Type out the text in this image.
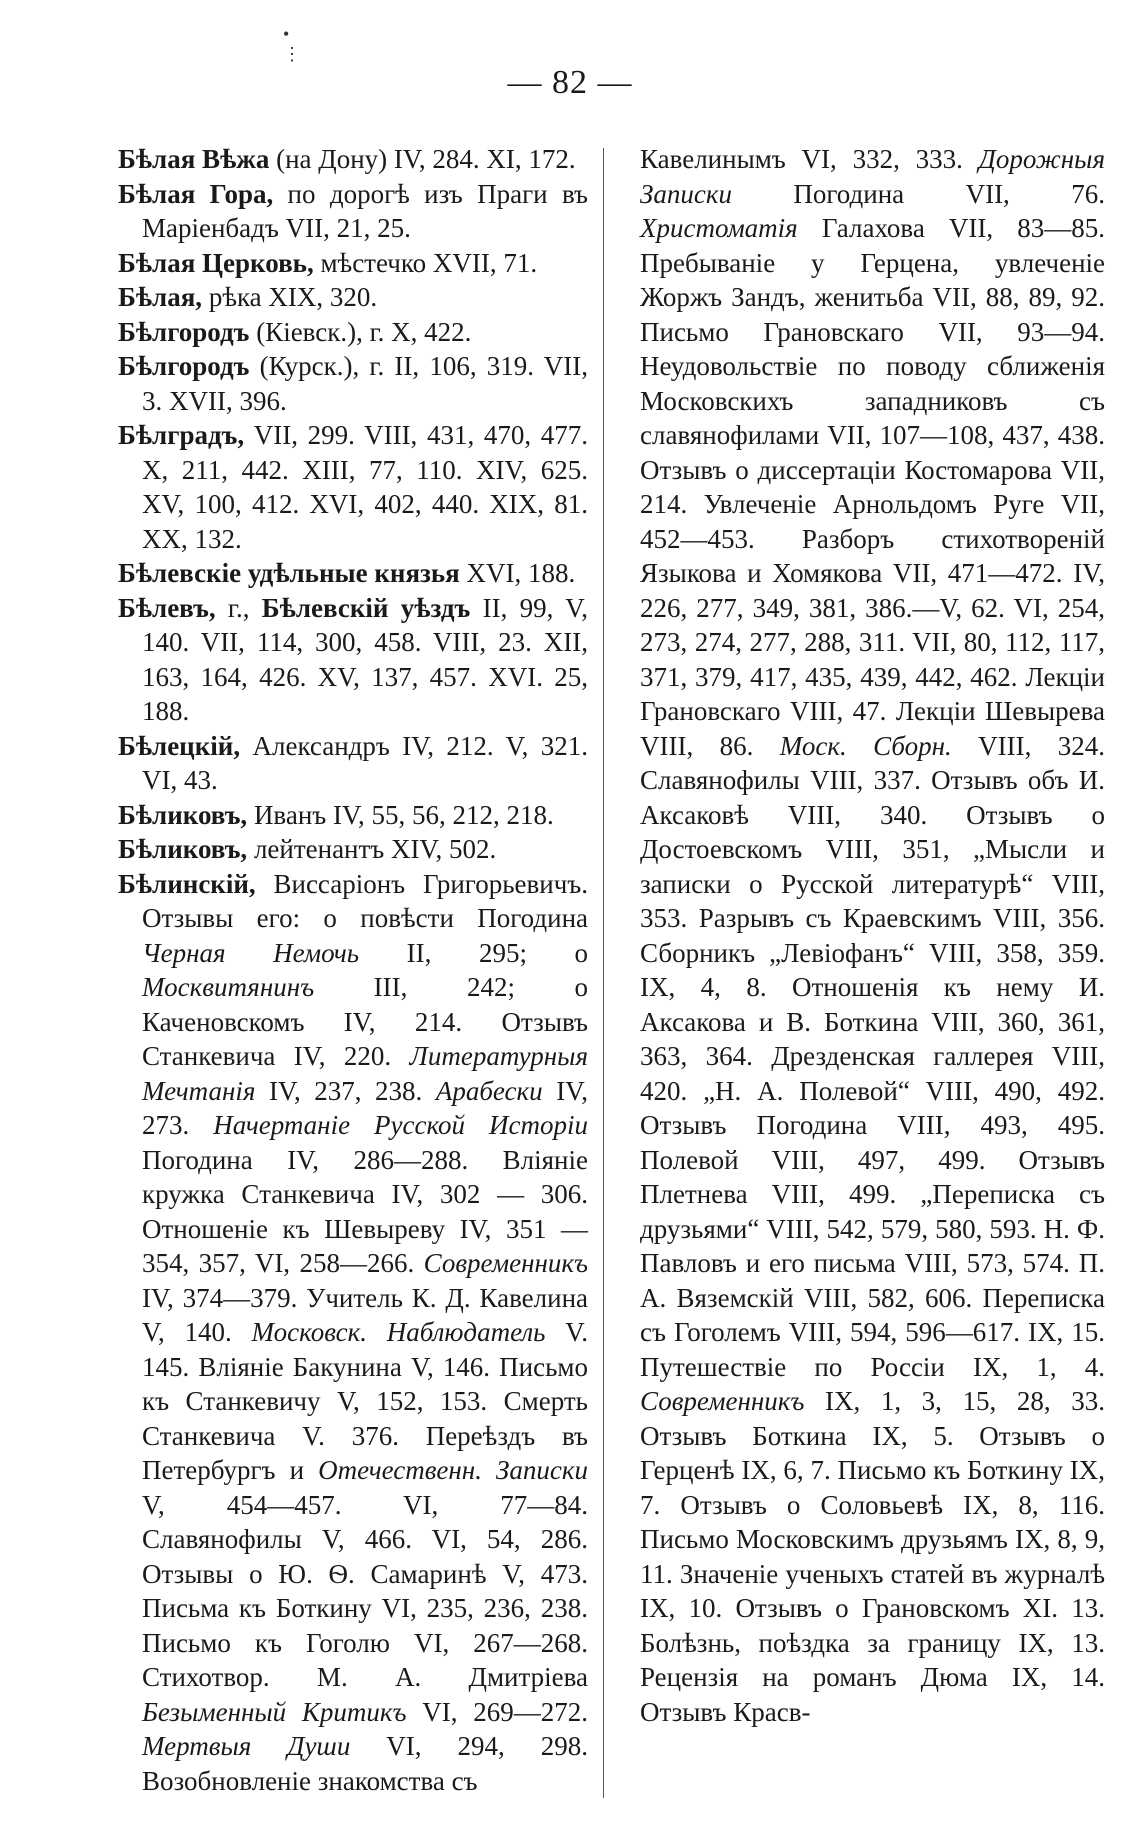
•
⋮
— 82 —

Бѣлая Вѣжа (на Дону) IV, 284. XI, 172.

Бѣлая Гора, по дорогѣ изъ Праги въ Маріенбадъ VII, 21, 25.

Бѣлая Церковь, мѣстечко XVII, 71.

Бѣлая, рѣка XIX, 320.

Бѣлгородъ (Кіевск.), г. X, 422.

Бѣлгородъ (Курск.), г. II, 106, 319. VII, 3. XVII, 396.

Бѣлградъ, VII, 299. VIII, 431, 470, 477. X, 211, 442. XIII, 77, 110. XIV, 625. XV, 100, 412. XVI, 402, 440. XIX, 81. XX, 132.

Бѣлевскіе удѣльные князья XVI, 188.

Бѣлевъ, г., Бѣлевскій уѣздъ II, 99, V, 140. VII, 114, 300, 458. VIII, 23. XII, 163, 164, 426. XV, 137, 457. XVI. 25, 188.

Бѣлецкій, Александръ IV, 212. V, 321. VI, 43.

Бѣликовъ, Иванъ IV, 55, 56, 212, 218.

Бѣликовъ, лейтенантъ XIV, 502.

Бѣлинскій, Виссаріонъ Григорьевичъ. Отзывы его: о повѣсти Погодина Черная Немочь II, 295; о Москвитянинъ III, 242; о Каченовскомъ IV, 214. Отзывъ Станкевича IV, 220. Литературныя Мечтанія IV, 237, 238. Арабески IV, 273. Начертаніе Русской Исторіи Погодина IV, 286—288. Вліяніе кружка Станкевича IV, 302 — 306. Отношеніе къ Шевыреву IV, 351 — 354, 357, VI, 258—266. Современникъ IV, 374—379. Учитель К. Д. Кавелина V, 140. Московск. Наблюдатель V. 145. Вліяніе Бакунина V, 146. Письмо къ Станкевичу V, 152, 153. Смерть Станкевича V. 376. Переѣздъ въ Петербургъ и Отечественн. Записки V, 454—457. VI, 77—84. Славянофилы V, 466. VI, 54, 286. Отзывы о Ю. Ѳ. Самаринѣ V, 473. Письма къ Боткину VI, 235, 236, 238. Письмо къ Гоголю VI, 267—268. Стихотвор. М. А. Дмитріева Безыменный Критикъ VI, 269—272. Мертвыя Души VI, 294, 298. Возобновленіе знакомства съ

Кавелинымъ VI, 332, 333. Дорожныя Записки Погодина VII, 76. Христоматія Галахова VII, 83—85. Пребываніе у Герцена, увлеченіе Жоржъ Зандъ, женитьба VII, 88, 89, 92. Письмо Грановскаго VII, 93—94. Неудовольствіе по поводу сближенія Московскихъ западниковъ съ славянофилами VII, 107—108, 437, 438. Отзывъ о диссертаціи Костомарова VII, 214. Увлеченіе Арнольдомъ Руге VII, 452—453. Разборъ стихотвореній Языкова и Хомякова VII, 471—472. IV, 226, 277, 349, 381, 386.—V, 62. VI, 254, 273, 274, 277, 288, 311. VII, 80, 112, 117, 371, 379, 417, 435, 439, 442, 462. Лекціи Грановскаго VIII, 47. Лекціи Шевырева VIII, 86. Моск. Сборн. VIII, 324. Славянофилы VIII, 337. Отзывъ объ И. Аксаковѣ VIII, 340. Отзывъ о Достоевскомъ VIII, 351, „Мысли и записки о Русской литературѣ“ VIII, 353. Разрывъ съ Краевскимъ VIII, 356. Сборникъ „Левіофанъ“ VIII, 358, 359. IX, 4, 8. Отношенія къ нему И. Аксакова и В. Боткина VIII, 360, 361, 363, 364. Дрезденская галлерея VIII, 420. „Н. А. Полевой“ VIII, 490, 492. Отзывъ Погодина VIII, 493, 495. Полевой VIII, 497, 499. Отзывъ Плетнева VIII, 499. „Переписка съ друзьями“ VIII, 542, 579, 580, 593. Н. Ф. Павловъ и его письма VIII, 573, 574. П. А. Вяземскій VIII, 582, 606. Переписка съ Гоголемъ VIII, 594, 596—617. IX, 15. Путешествіе по Россіи IX, 1, 4. Современникъ IX, 1, 3, 15, 28, 33. Отзывъ Боткина IX, 5. Отзывъ о Герценѣ IX, 6, 7. Письмо къ Боткину IX, 7. Отзывъ о Соловьевѣ IX, 8, 116. Письмо Московскимъ друзьямъ IX, 8, 9, 11. Значеніе ученыхъ статей въ журналѣ IX, 10. Отзывъ о Грановскомъ XI. 13. Болѣзнь, поѣздка за границу IX, 13. Рецензія на романъ Дюма IX, 14. Отзывъ Красв-
